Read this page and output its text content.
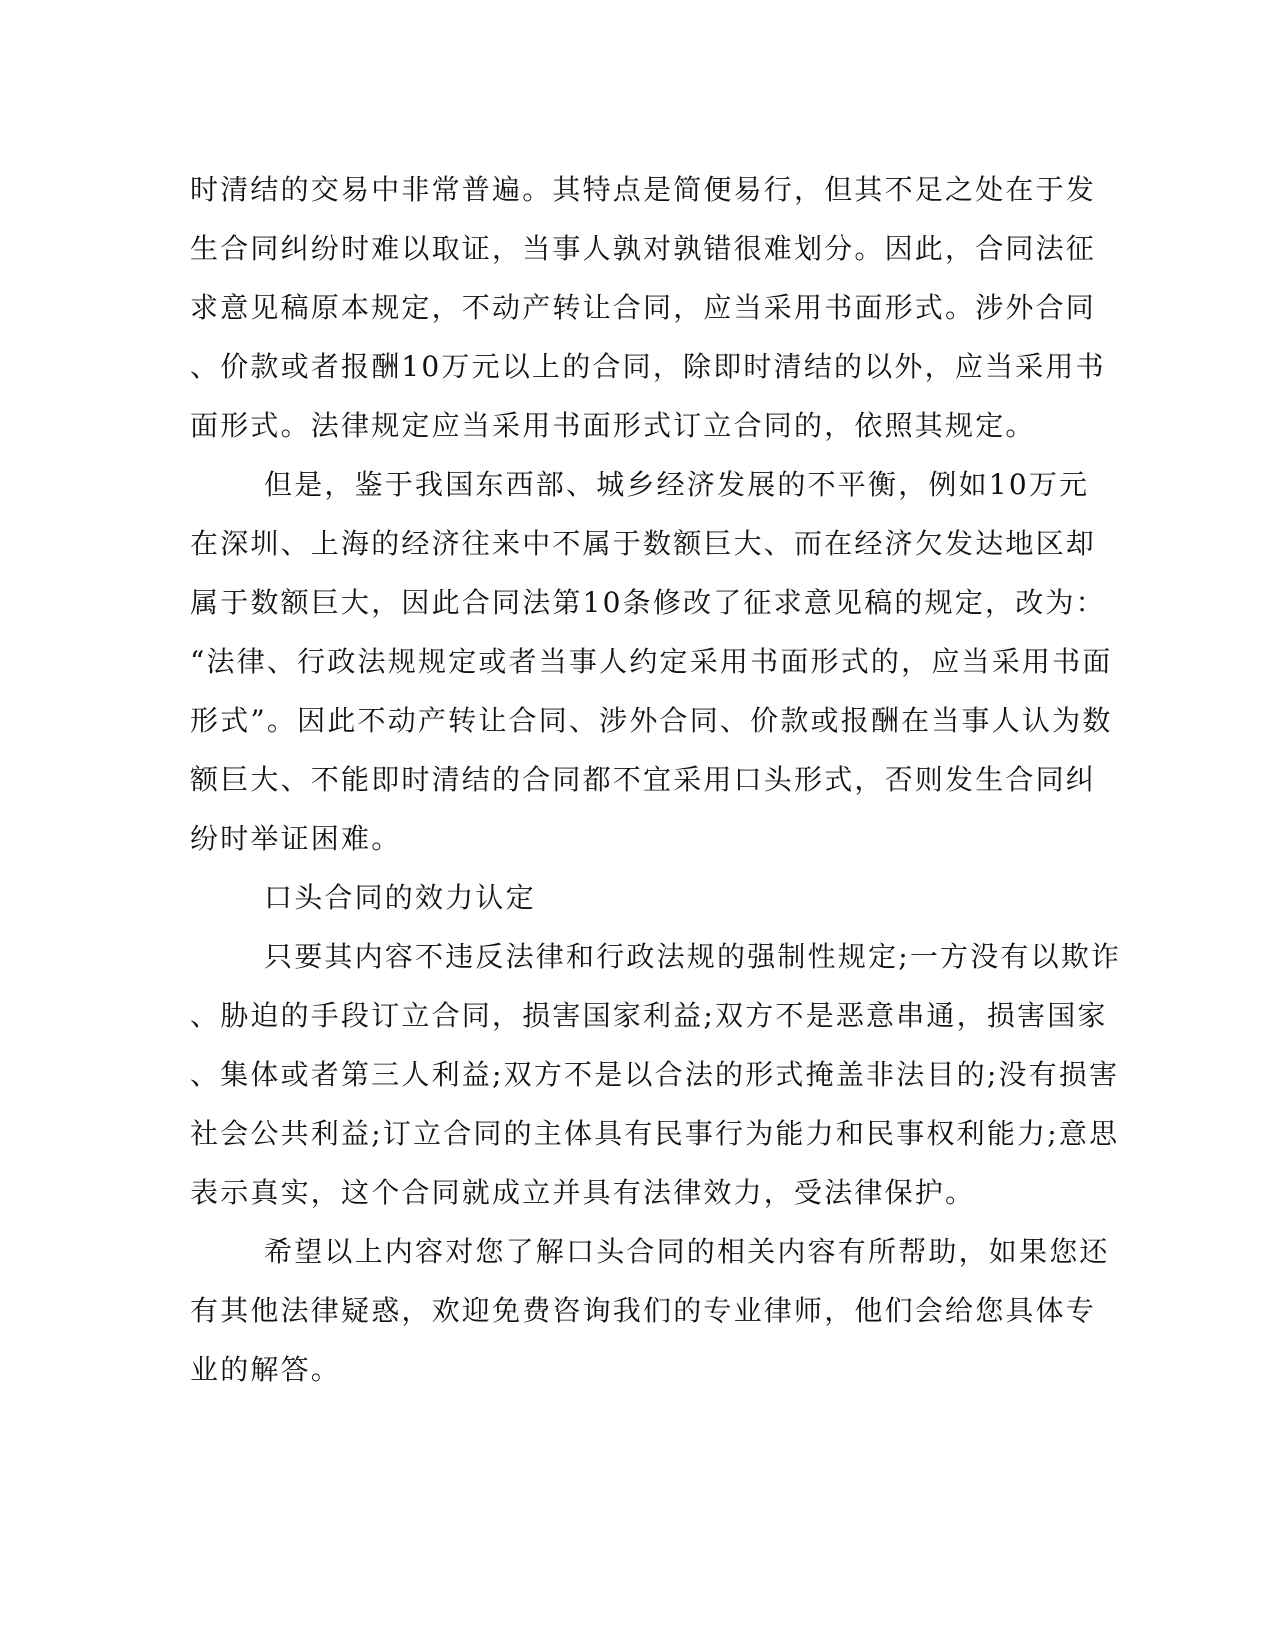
时清结的交易中非常普遍。其特点是简便易行，但其不足之处在于发
生合同纠纷时难以取证，当事人孰对孰错很难划分。因此，合同法征
求意见稿原本规定，不动产转让合同，应当采用书面形式。涉外合同
、价款或者报酬10万元以上的合同，除即时清结的以外，应当采用书
面形式。法律规定应当采用书面形式订立合同的，依照其规定。
但是，鉴于我国东西部、城乡经济发展的不平衡，例如10万元
在深圳、上海的经济往来中不属于数额巨大、而在经济欠发达地区却
属于数额巨大，因此合同法第10条修改了征求意见稿的规定，改为：
“法律、行政法规规定或者当事人约定采用书面形式的，应当采用书面
形式”。因此不动产转让合同、涉外合同、价款或报酬在当事人认为数
额巨大、不能即时清结的合同都不宜采用口头形式，否则发生合同纠
纷时举证困难。
口头合同的效力认定
只要其内容不违反法律和行政法规的强制性规定;一方没有以欺诈
、胁迫的手段订立合同，损害国家利益;双方不是恶意串通，损害国家
、集体或者第三人利益;双方不是以合法的形式掩盖非法目的;没有损害
社会公共利益;订立合同的主体具有民事行为能力和民事权利能力;意思
表示真实，这个合同就成立并具有法律效力，受法律保护。
希望以上内容对您了解口头合同的相关内容有所帮助，如果您还
有其他法律疑惑，欢迎免费咨询我们的专业律师，他们会给您具体专
业的解答。
